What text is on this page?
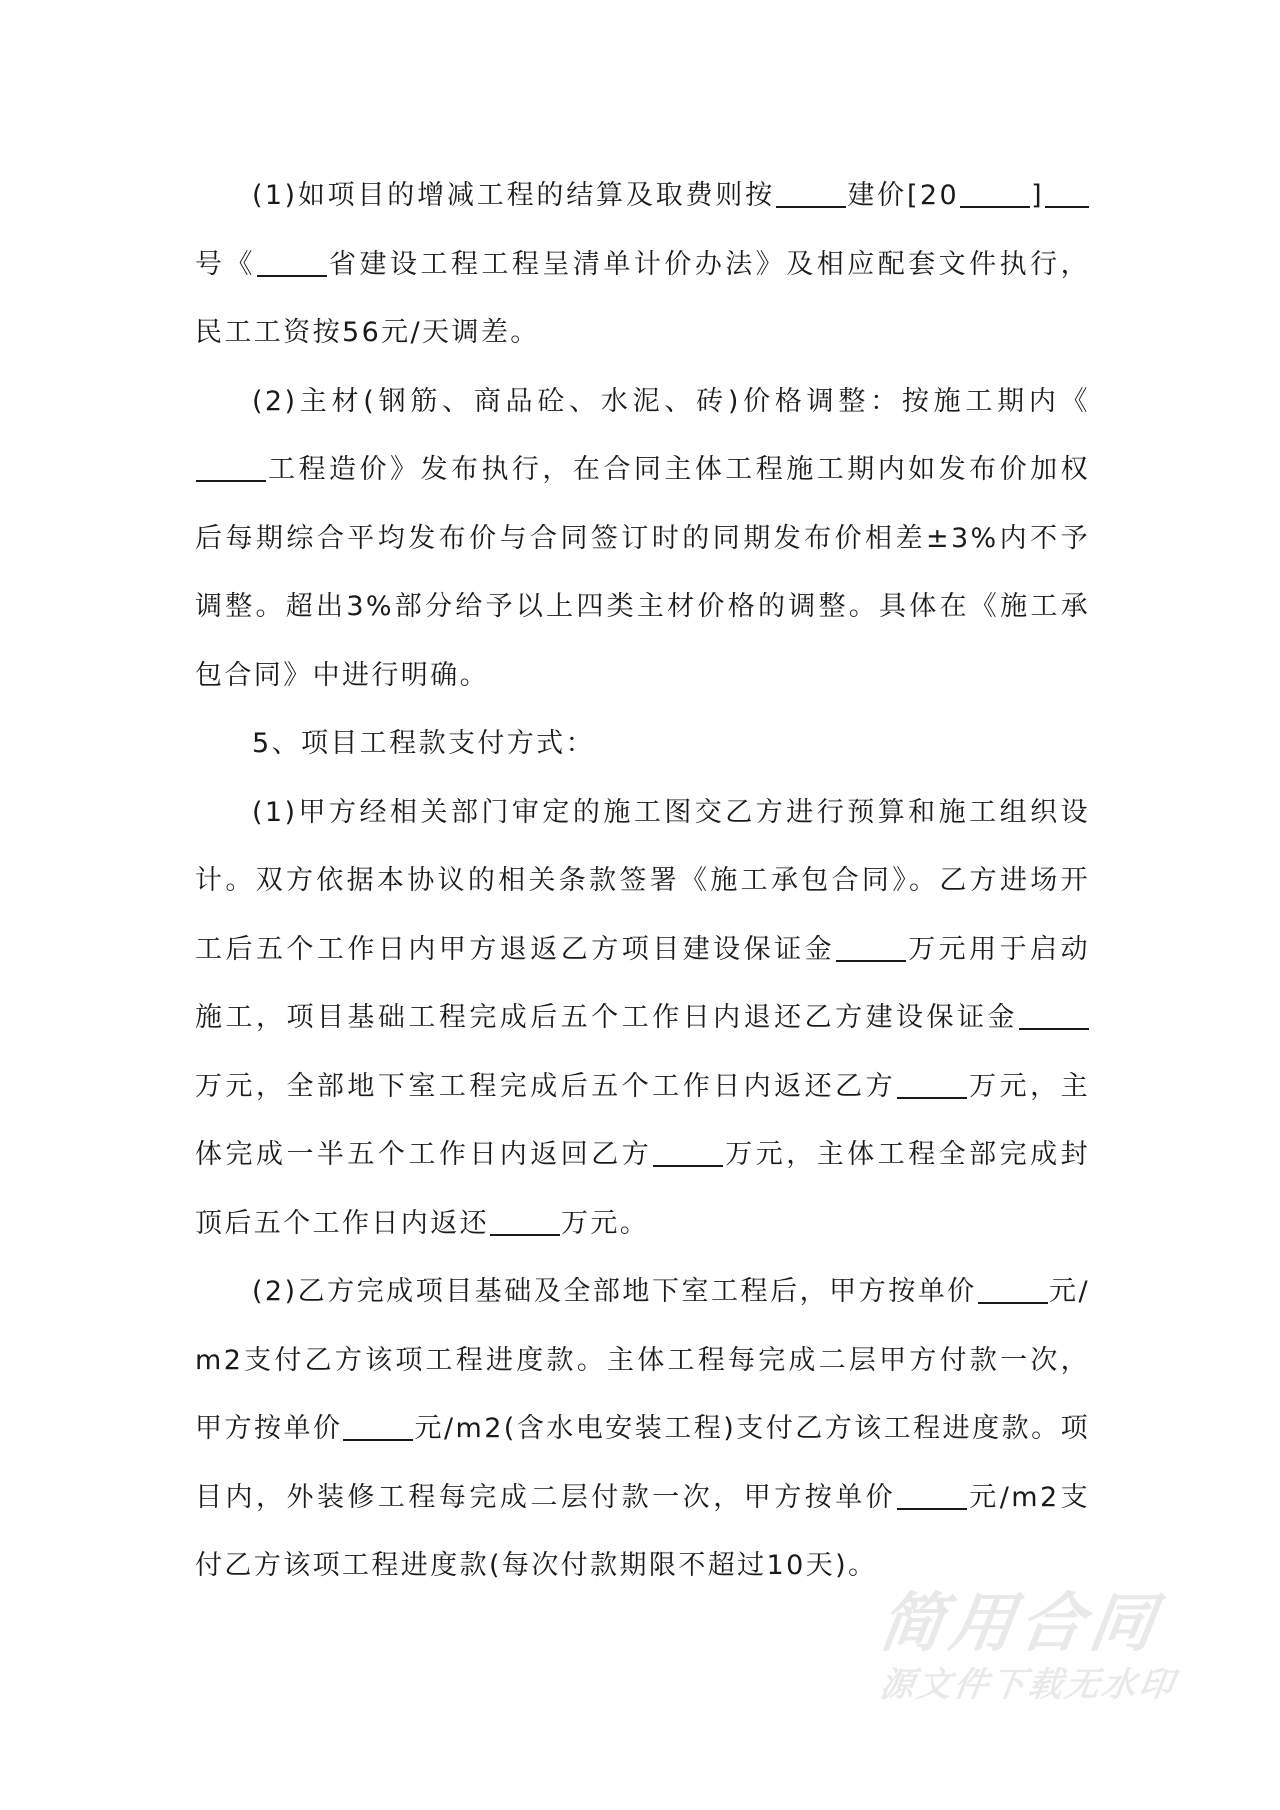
(1)如项目的增减工程的结算及取费则按	建价[20	]号《	省建设工程工程呈清单计价办法》及相应配套文件执行，民工工资按56元/天调差。

(2)主材(钢筋、商品砼、水泥、砖)价格调整：按施工期内《工程造价》发布执行，在合同主体工程施工期内如发布价加权后每期综合平均发布价与合同签订时的同期发布价相差±3%内不予调整。超出3%部分给予以上四类主材价格的调整。具体在《施工承包合同》中进行明确。

5、项目工程款支付方式：

(1)甲方经相关部门审定的施工图交乙方进行预算和施工组织设计。双方依据本协议的相关条款签署《施工承包合同》。乙方进场开工后五个工作日内甲方退返乙方项目建设保证金	万元用于启动施工，项目基础工程完成后五个工作日内退还乙方建设保证金万元，全部地下室工程完成后五个工作日内返还乙方	万元，主体完成一半五个工作日内返回乙方	万元，主体工程全部完成封顶后五个工作日内返还	万元。

(2)乙方完成项目基础及全部地下室工程后，甲方按单价	元/m2支付乙方该项工程进度款。主体工程每完成二层甲方付款一次，甲方按单价	元/m2(含水电安装工程)支付乙方该工程进度款。项目内，外装修工程每完成二层付款一次，甲方按单价	元/m2支付乙方该项工程进度款(每次付款期限不超过10天)。

简用合同
源文件下载无水印
